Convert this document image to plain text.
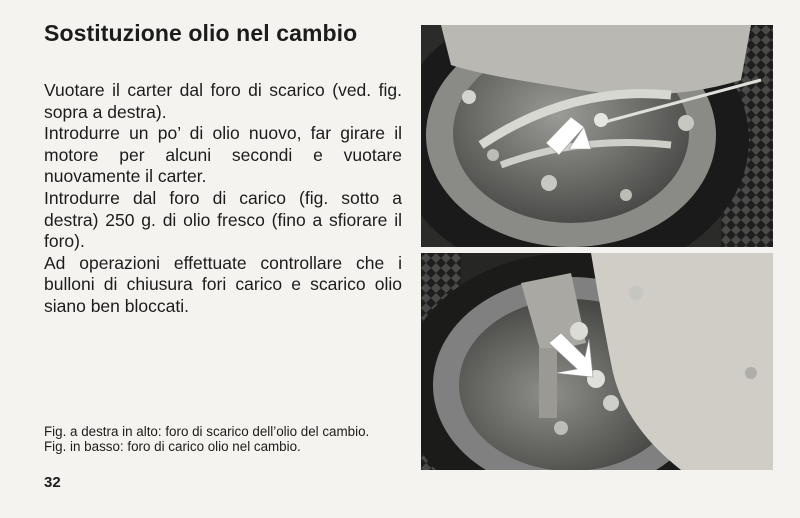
Sostituzione olio nel cambio

Vuotare il carter dal foro di scarico (ved. fig. sopra a destra).

Introdurre un po’ di olio nuovo, far girare il motore per alcuni secondi e vuotare nuovamente il carter.

Introdurre dal foro di carico (fig. sotto a destra) 250 g. di olio fresco (fino a sfiorare il foro).

Ad operazioni effettuate controllare che i bulloni di chiusura fori carico e scarico olio siano ben bloccati.

Fig. a destra in alto: foro di scarico dell’olio del cambio.

Fig. in basso: foro di carico olio nel cambio.

32
